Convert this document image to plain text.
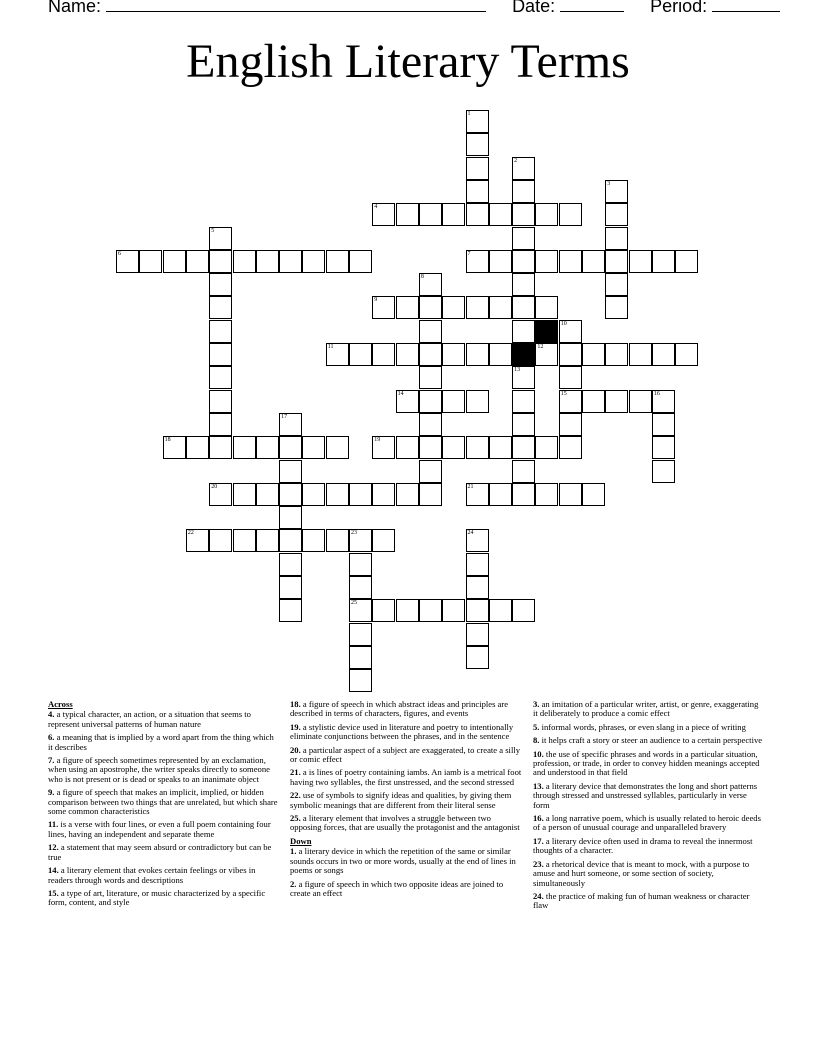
Name:	Date:	Period:
English Literary Terms
1
2
13
3
4
5
6	7
8
9
10
15
11	12
14	16
17
18	19
20	21
22	23
25
24
Across
4. a typical character, an action, or a situation that seems to represent universal patterns of human nature
6. a meaning that is implied by a word apart from the thing which it describes
7. a figure of speech sometimes represented by an exclamation, when using an apostrophe, the writer speaks directly to someone who is not present or is dead or speaks to an inanimate object
9. a figure of speech that makes an implicit, implied, or hidden comparison between two things that are unrelated, but which share some common characteristics
11. is a verse with four lines, or even a full poem containing four lines, having an independent and separate theme
12. a statement that may seem absurd or contradictory but can be true
14. a literary element that evokes certain feelings or vibes in readers through words and descriptions
15. a type of art, literature, or music characterized by a specific form, content, and style
18. a figure of speech in which abstract ideas and principles are described in terms of characters, figures, and events
19. a stylistic device used in literature and poetry to intentionally eliminate conjunctions between the phrases, and in the sentence
20. a particular aspect of a subject are exaggerated, to create a silly or comic effect
21. a is lines of poetry containing iambs. An iamb is a metrical foot having two syllables, the first unstressed, and the second stressed
22. use of symbols to signify ideas and qualities, by giving them symbolic meanings that are different from their literal sense
25. a literary element that involves a struggle between two opposing forces, that are usually the protagonist and the antagonist
Down
1. a literary device in which the repetition of the same or similar sounds occurs in two or more words, usually at the end of lines in poems or songs
2. a figure of speech in which two opposite ideas are joined to create an effect
3. an imitation of a particular writer, artist, or genre, exaggerating it deliberately to produce a comic effect
5. informal words, phrases, or even slang in a piece of writing
8. it helps craft a story or steer an audience to a certain perspective
10. the use of specific phrases and words in a particular situation, profession, or trade, in order to convey hidden meanings accepted and understood in that field
13. a literary device that demonstrates the long and short patterns through stressed and unstressed syllables, particularly in verse form
16. a long narrative poem, which is usually related to heroic deeds of a person of unusual courage and unparalleled bravery
17. a literary device often used in drama to reveal the innermost thoughts of a character.
23. a rhetorical device that is meant to mock, with a purpose to amuse and hurt someone, or some section of society, simultaneously
24. the practice of making fun of human weakness or character flaw
